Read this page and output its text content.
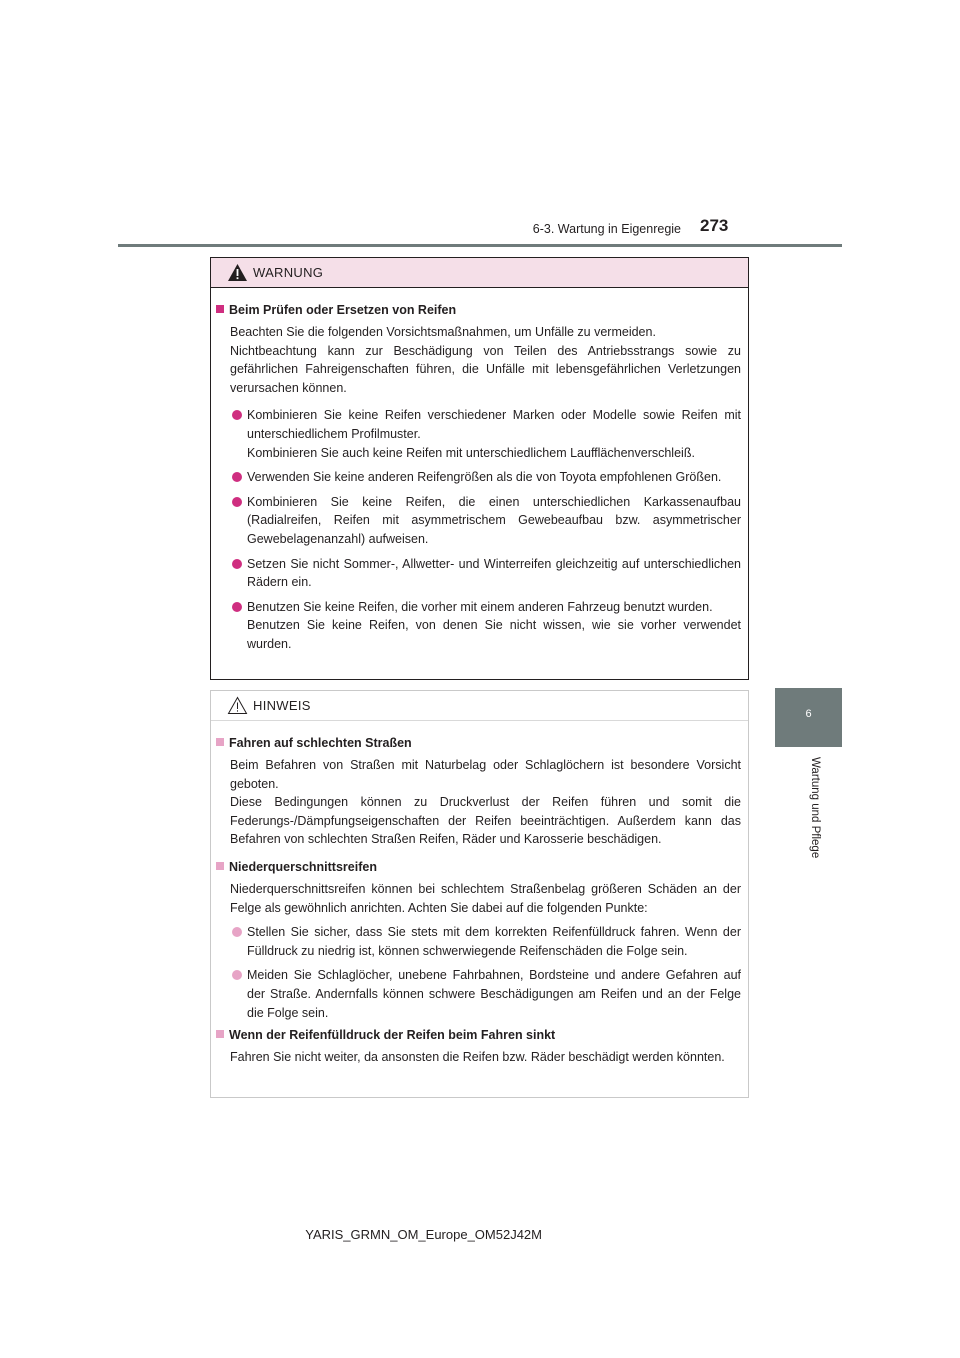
6-3. Wartung in Eigenregie 273
6
Wartung und Pflege
WARNUNG
Beim Prüfen oder Ersetzen von Reifen
Beachten Sie die folgenden Vorsichtsmaßnahmen, um Unfälle zu vermeiden.
Nichtbeachtung kann zur Beschädigung von Teilen des Antriebsstrangs sowie zu gefährlichen Fahreigenschaften führen, die Unfälle mit lebensgefährlichen Verletzungen verursachen können.
Kombinieren Sie keine Reifen verschiedener Marken oder Modelle sowie Reifen mit unterschiedlichem Profilmuster.
Kombinieren Sie auch keine Reifen mit unterschiedlichem Laufflächenverschleiß.
Verwenden Sie keine anderen Reifengrößen als die von Toyota empfohlenen Größen.
Kombinieren Sie keine Reifen, die einen unterschiedlichen Karkassenaufbau (Radialreifen, Reifen mit asymmetrischem Gewebeaufbau bzw. asymmetrischer Gewebelagenanzahl) aufweisen.
Setzen Sie nicht Sommer-, Allwetter- und Winterreifen gleichzeitig auf unterschiedlichen Rädern ein.
Benutzen Sie keine Reifen, die vorher mit einem anderen Fahrzeug benutzt wurden.
Benutzen Sie keine Reifen, von denen Sie nicht wissen, wie sie vorher verwendet wurden.
HINWEIS
Fahren auf schlechten Straßen
Beim Befahren von Straßen mit Naturbelag oder Schlaglöchern ist besondere Vorsicht geboten.
Diese Bedingungen können zu Druckverlust der Reifen führen und somit die Federungs-/Dämpfungseigenschaften der Reifen beeinträchtigen. Außerdem kann das Befahren von schlechten Straßen Reifen, Räder und Karosserie beschädigen.
Niederquerschnittsreifen
Niederquerschnittsreifen können bei schlechtem Straßenbelag größeren Schäden an der Felge als gewöhnlich anrichten. Achten Sie dabei auf die folgenden Punkte:
Stellen Sie sicher, dass Sie stets mit dem korrekten Reifenfülldruck fahren. Wenn der Fülldruck zu niedrig ist, können schwerwiegende Reifenschäden die Folge sein.
Meiden Sie Schlaglöcher, unebene Fahrbahnen, Bordsteine und andere Gefahren auf der Straße. Andernfalls können schwere Beschädigungen am Reifen und an der Felge die Folge sein.
Wenn der Reifenfülldruck der Reifen beim Fahren sinkt
Fahren Sie nicht weiter, da ansonsten die Reifen bzw. Räder beschädigt werden könnten.
YARIS_GRMN_OM_Europe_OM52J42M
